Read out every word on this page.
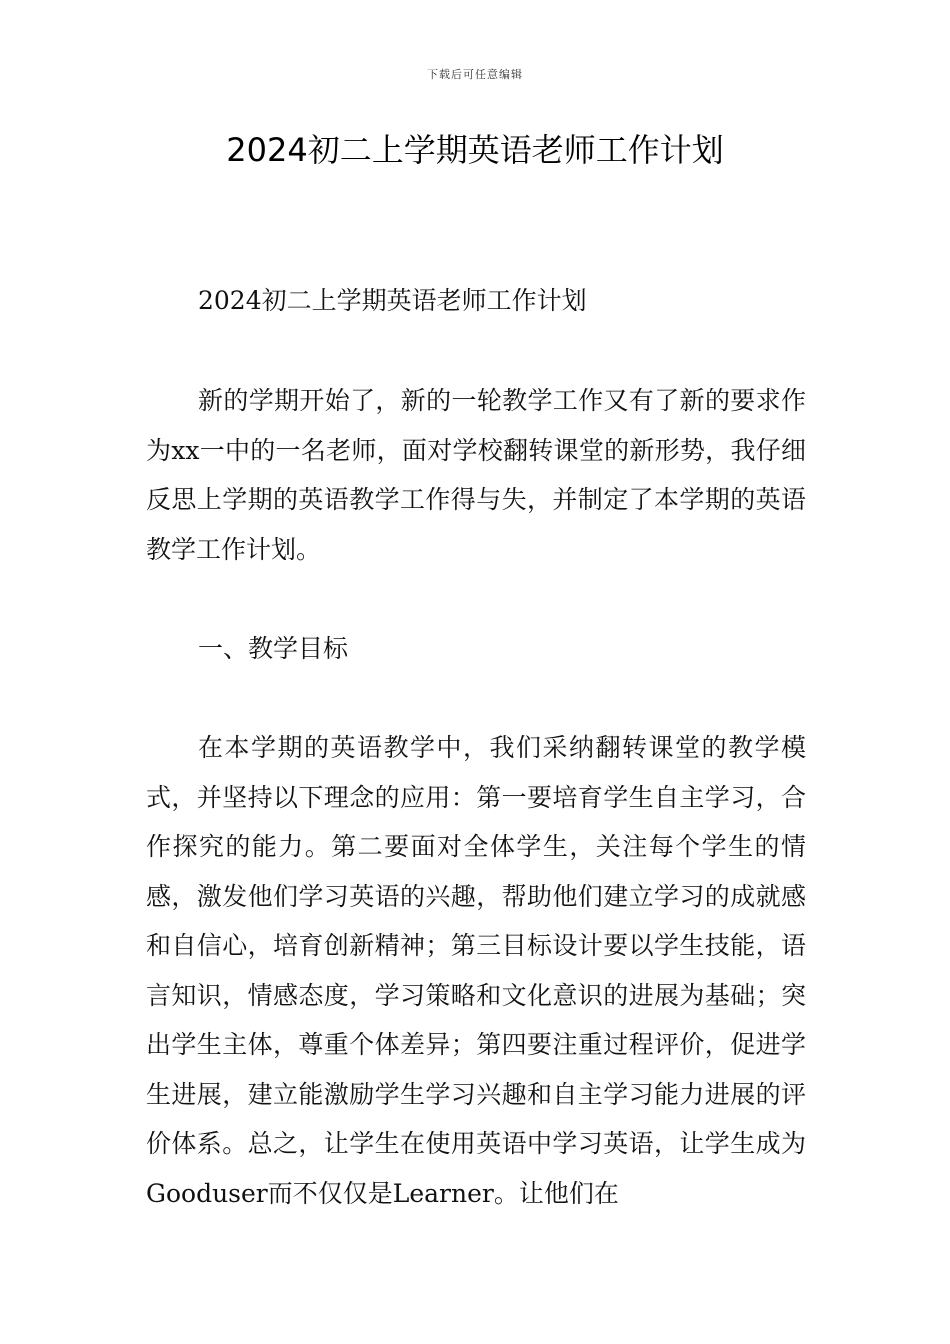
下载后可任意编辑
2024初二上学期英语老师工作计划

2024初二上学期英语老师工作计划

新的学期开始了，新的一轮教学工作又有了新的要求作为xx一中的一名老师，面对学校翻转课堂的新形势，我仔细反思上学期的英语教学工作得与失，并制定了本学期的英语教学工作计划。

一、教学目标

在本学期的英语教学中，我们采纳翻转课堂的教学模式，并坚持以下理念的应用：第一要培育学生自主学习，合作探究的能力。第二要面对全体学生，关注每个学生的情感，激发他们学习英语的兴趣，帮助他们建立学习的成就感和自信心，培育创新精神；第三目标设计要以学生技能，语言知识，情感态度，学习策略和文化意识的进展为基础；突出学生主体，尊重个体差异；第四要注重过程评价，促进学生进展，建立能激励学生学习兴趣和自主学习能力进展的评价体系。总之，让学生在使用英语中学习英语，让学生成为Gooduser而不仅仅是Learner。让他们在
